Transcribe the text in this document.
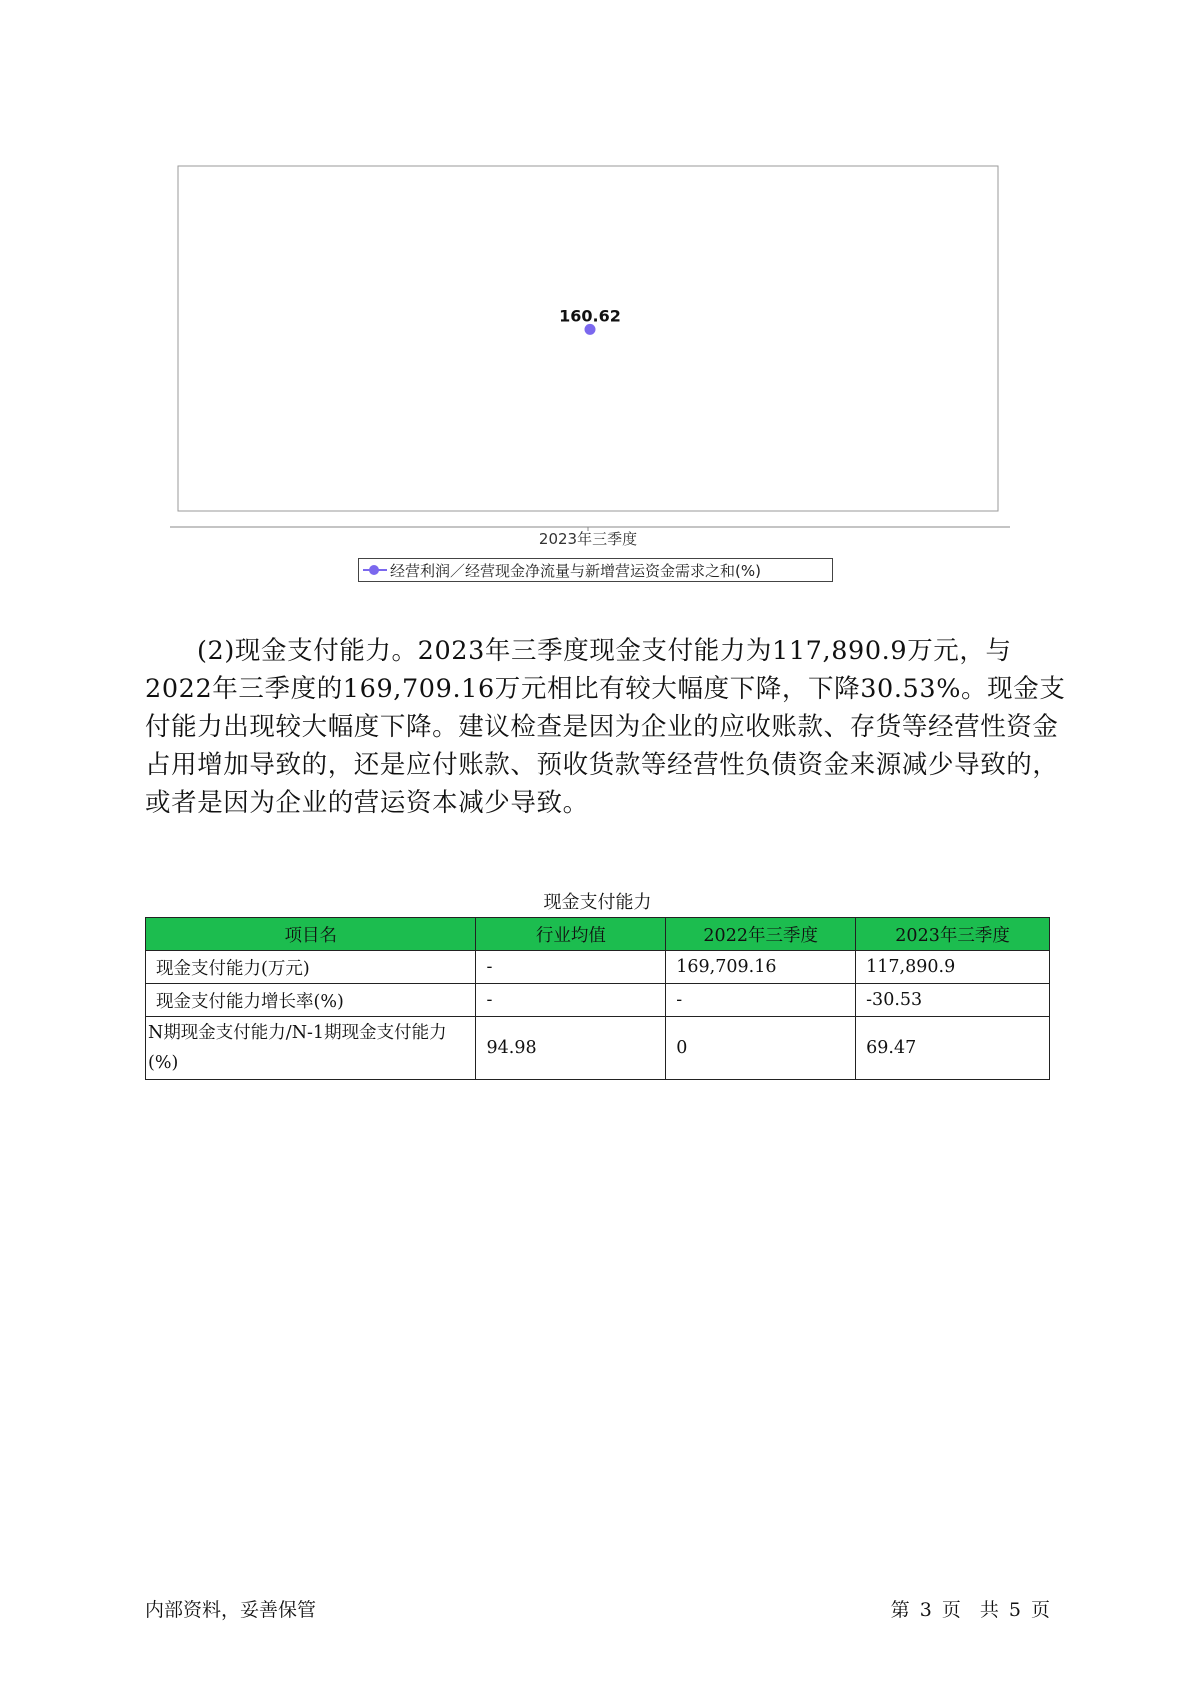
2023年三季度
160.62
经营利润／经营现金净流量与新增营运资金需求之和(%)

(2)现金支付能力。2023年三季度现金支付能力为117,890.9万元，与2022年三季度的169,709.16万元相比有较大幅度下降，下降30.53%。现金支付能力出现较大幅度下降。建议检查是因为企业的应收账款、存货等经营性资金占用增加导致的，还是应付账款、预收货款等经营性负债资金来源减少导致的，或者是因为企业的营运资本减少导致。

现金支付能力
项目名	行业均值	2022年三季度	2023年三季度
现金支付能力(万元)	-	169,709.16	117,890.9
现金支付能力增长率(%)	-	-	-30.53
N期现金支付能力/N-1期现金支付能力(%)	94.98	0	69.47
内部资料，妥善保管	第 3 页　共 5 页
